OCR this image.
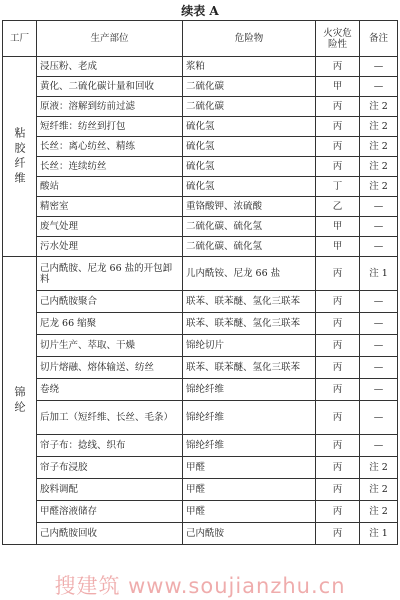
续表 A
工厂	生产部位	危险物	火灾危险性	备注

粘胶纤维	浸压粉、老成	浆粕	丙	—
	黄化、二硫化碳计量和回收	二硫化碳	甲	—
	原液：溶解到纺前过滤	二硫化碳	丙	注 2
	短纤维：纺丝到打包	硫化氢	丙	注 2
	长丝：离心纺丝、精练	硫化氢	丙	注 2
	长丝：连续纺丝	硫化氢	丙	注 2
	酸站	硫化氢	丁	注 2
	精密室	重铬酸钾、浓硫酸	乙	—
	废气处理	二硫化碳、硫化氢	甲	—
	污水处理	二硫化碳、硫化氢	甲	—

锦纶	己内酰胺、尼龙 66 盐的开包卸料	儿内酰铵、尼龙 66 盐	丙	注 1
	己内酰胺聚合	联苯、联苯醚、氢化三联苯	丙	—
	尼龙 66 缩聚	联苯、联苯醚、氢化三联苯	丙	—
	切片生产、萃取、干燥	锦纶切片	丙	—
	切片熔融、熔体输送、纺丝	联苯、联苯醚、氢化三联苯	丙	—
	卷绕	锦纶纤维	丙	—
	后加工（短纤维、长丝、毛条）	锦纶纤维	丙	—
	帘子布：捻线、织布	锦纶纤维	丙	—
	帘子布浸胶	甲醛	丙	注 2
	胶料调配	甲醛	丙	注 2
	甲醛溶液储存	甲醛	丙	注 2
	己内酰胺回收	己内酰胺	丙	注 1
搜建筑 www.soujianzhu.cn
